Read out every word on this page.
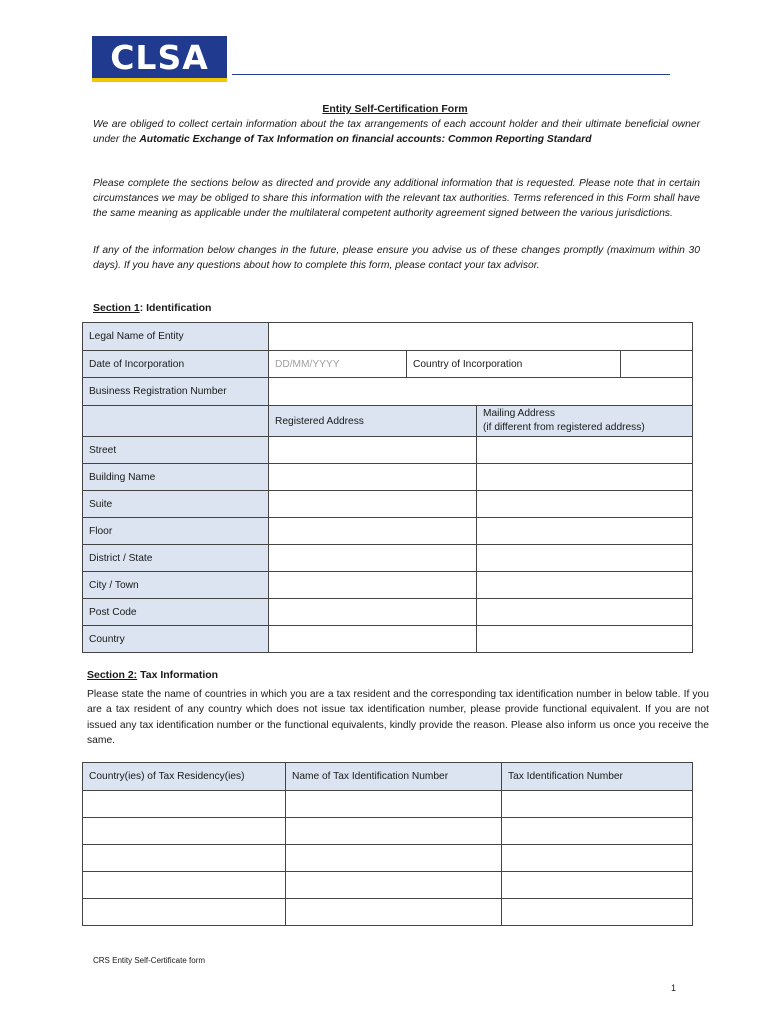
CLSA
Entity Self-Certification Form

We are obliged to collect certain information about the tax arrangements of each account holder and their ultimate beneficial owner under the Automatic Exchange of Tax Information on financial accounts: Common Reporting Standard

Please complete the sections below as directed and provide any additional information that is requested. Please note that in certain circumstances we may be obliged to share this information with the relevant tax authorities. Terms referenced in this Form shall have the same meaning as applicable under the multilateral competent authority agreement signed between the various jurisdictions.

If any of the information below changes in the future, please ensure you advise us of these changes promptly (maximum within 30 days). If you have any questions about how to complete this form, please contact your tax advisor.

Section 1: Identification
Legal Name of Entity				
Date of Incorporation	DD/MM/YYYY	Country of Incorporation		
Business Registration Number				
	Registered Address		Mailing Address
(if different from registered address)	
Street				
Building Name				
Suite				
Floor				
District / State				
City / Town				
Post Code				
Country				
Section 2: Tax Information

Please state the name of countries in which you are a tax resident and the corresponding tax identification number in below table. If you are a tax resident of any country which does not issue tax identification number, please provide functional equivalent. If you are not issued any tax identification number or the functional equivalents, kindly provide the reason. Please also inform us once you receive the same.

Country(ies) of Tax Residency(ies)	Name of Tax Identification Number	Tax Identification Number

CRS Entity Self-Certificate form
1
